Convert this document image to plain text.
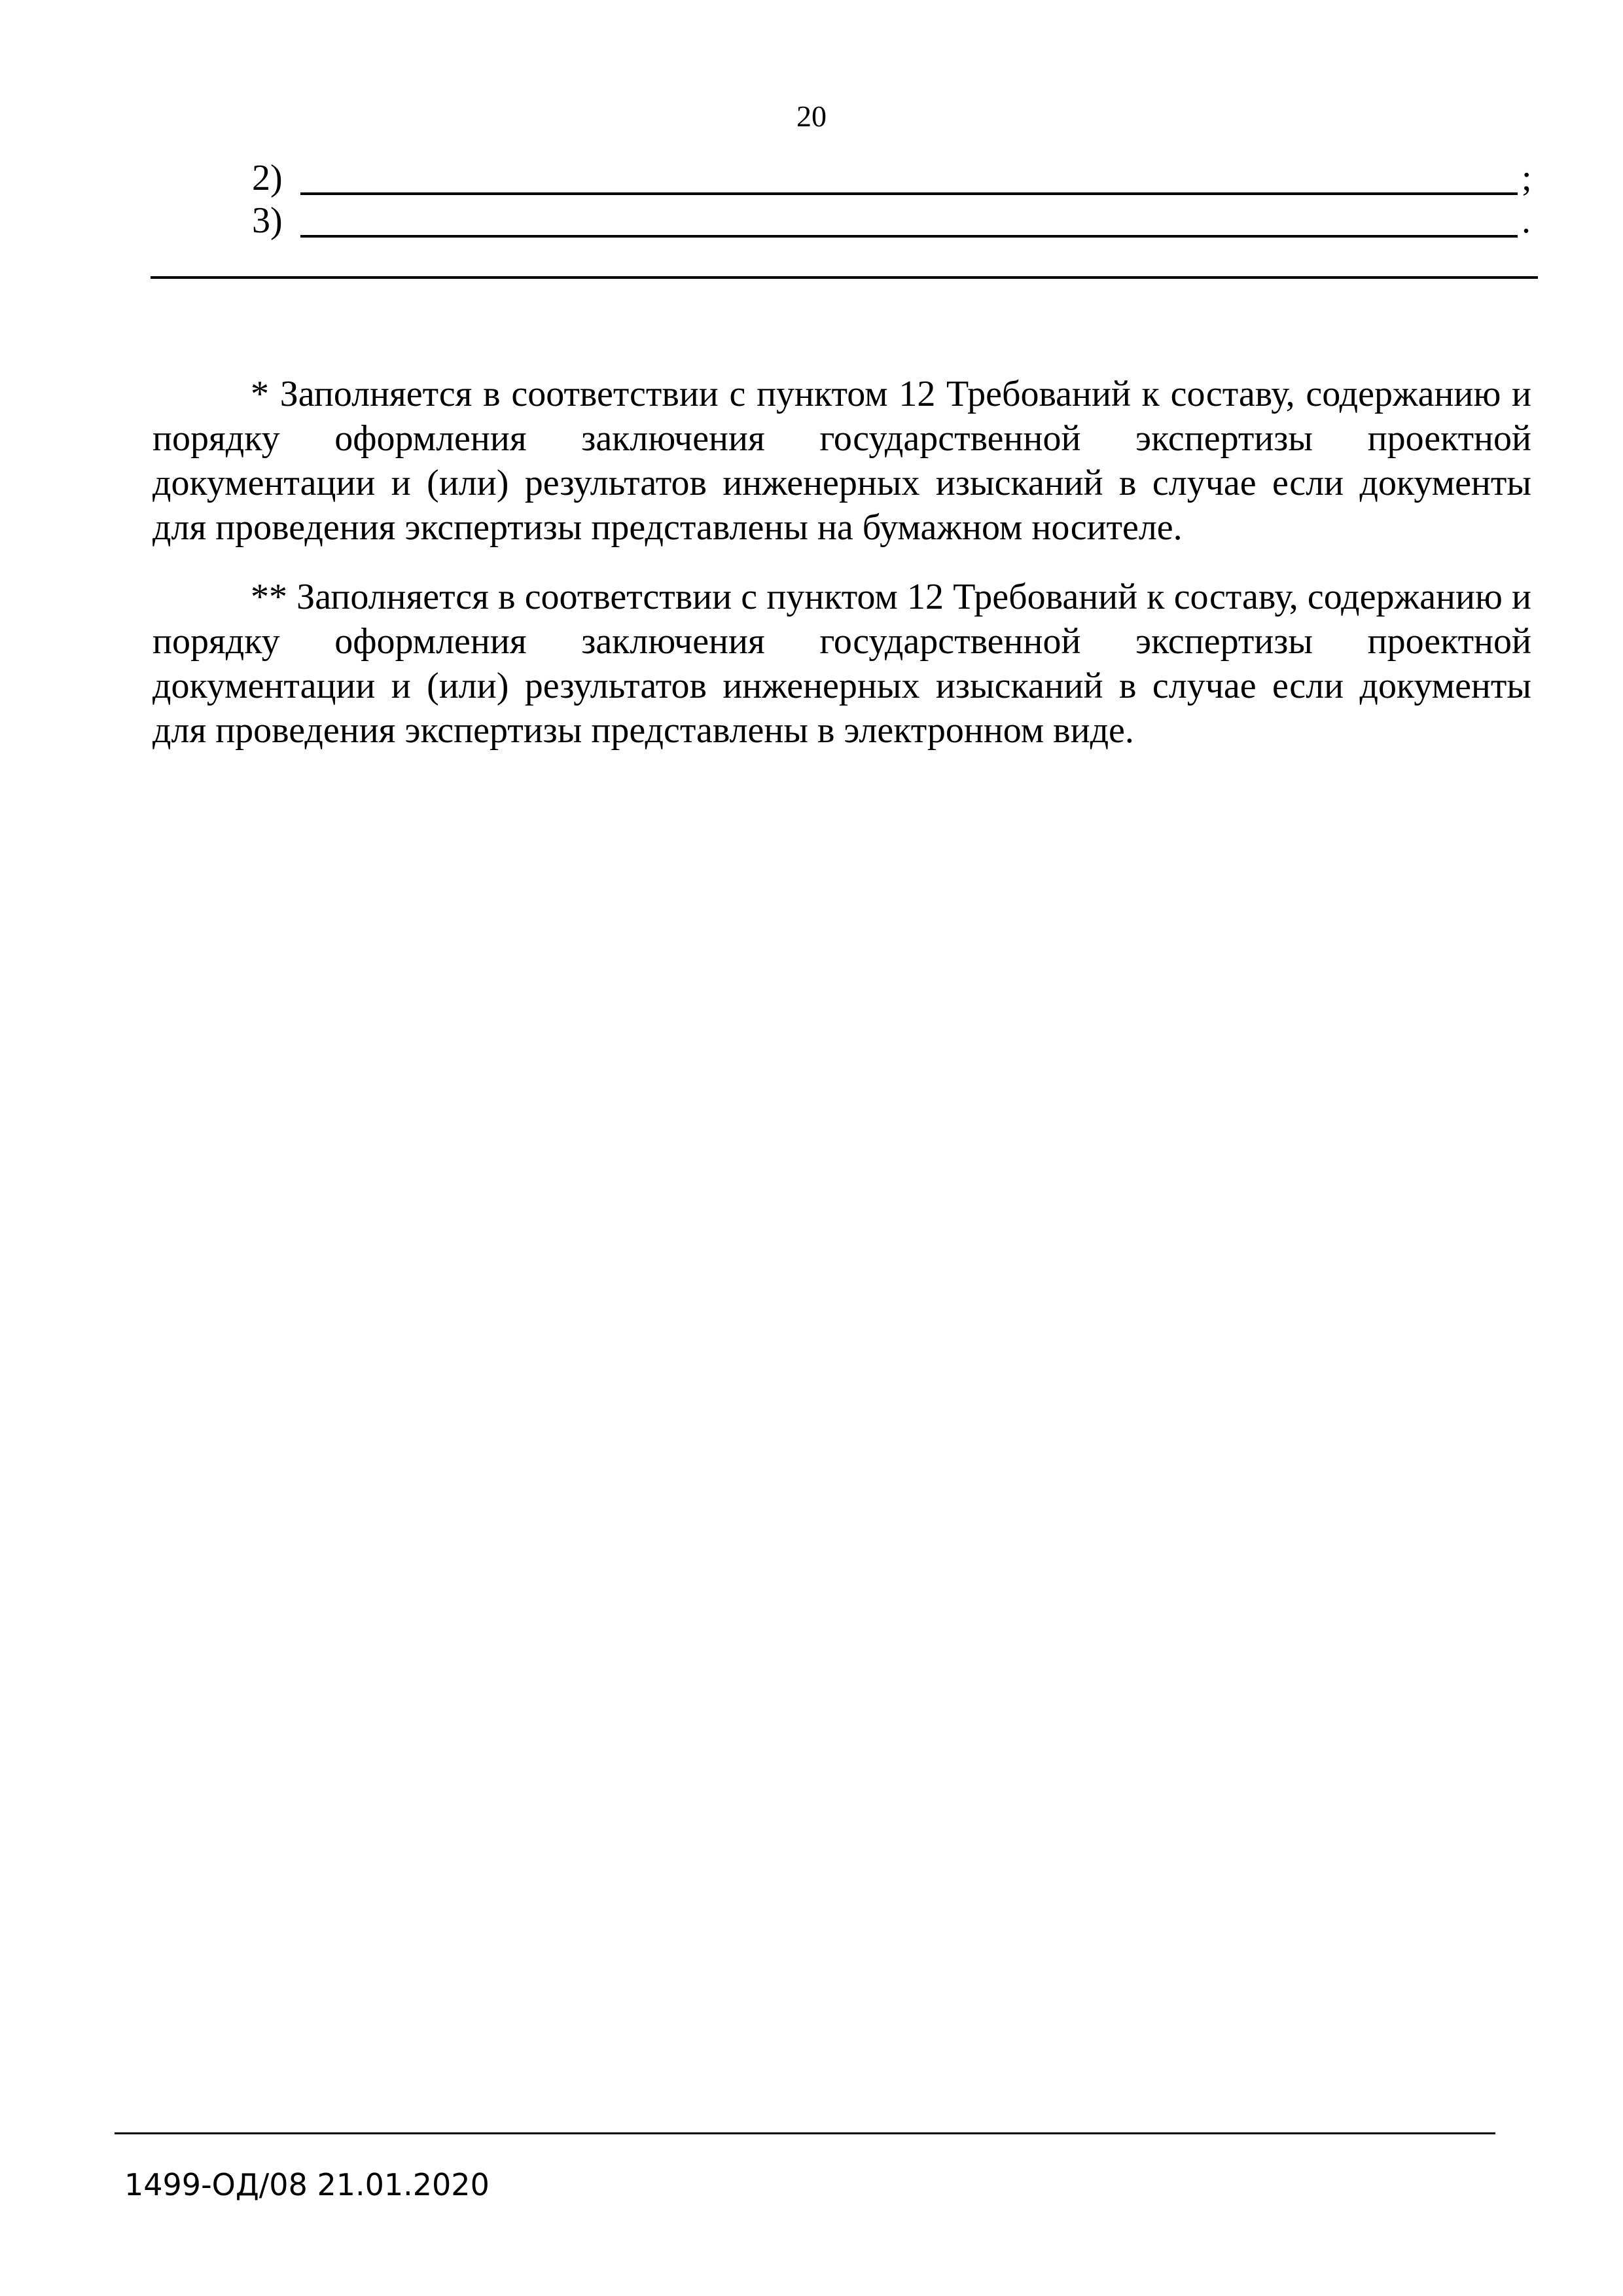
20
2)	;
3)	.

* Заполняется в соответствии с пунктом 12 Требований к составу, содержанию и порядку оформления заключения государственной экспертизы проектной документации и (или) результатов инженерных изысканий в случае если документы для проведения экспертизы представлены на бумажном носителе.

** Заполняется в соответствии с пунктом 12 Требований к составу, содержанию и порядку оформления заключения государственной экспертизы проектной документации и (или) результатов инженерных изысканий в случае если документы для проведения экспертизы представлены в электронном виде.

1499-ОД/08 21.01.2020
